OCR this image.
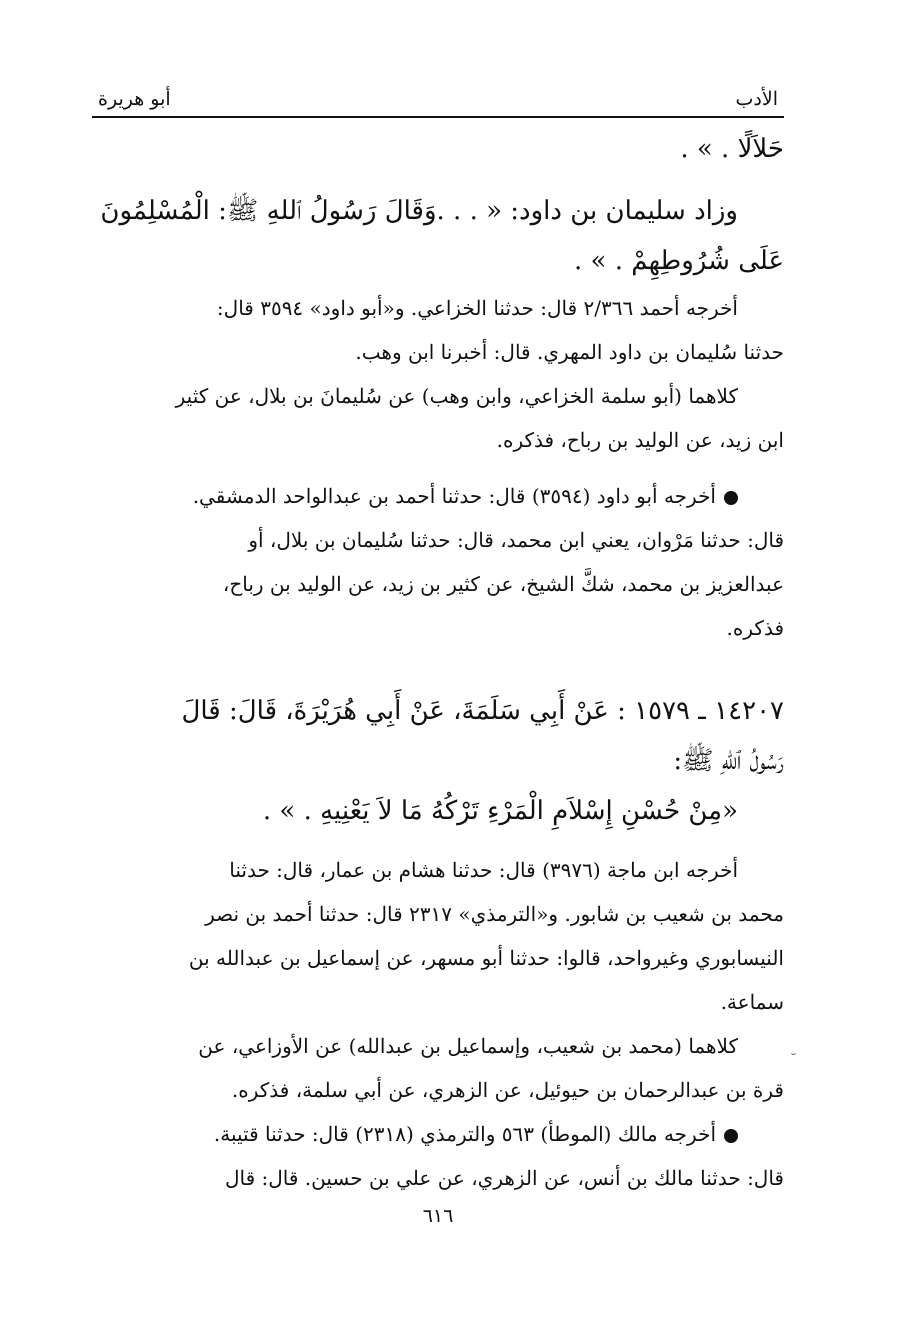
الأدب
أبو هريرة
حَلاَلًا . » .
وزاد سليمان بن داود: « . . .وَقَالَ رَسُولُ ٱللهِ ﷺ: الْمُسْلِمُونَ
عَلَى شُرُوطِهِمْ . » .
أخرجه أحمد ٢/٣٦٦ قال: حدثنا الخزاعي. و«أبو داود» ٣٥٩٤ قال:
حدثنا سُليمان بن داود المهري. قال: أخبرنا ابن وهب.
كلاهما (أبو سلمة الخزاعي، وابن وهب) عن سُليمانَ بن بلال، عن كثير
ابن زيد، عن الوليد بن رباح، فذكره.
أخرجه أبو داود (٣٥٩٤) قال: حدثنا أحمد بن عبدالواحد الدمشقي.
قال: حدثنا مَرْوان، يعني ابن محمد، قال: حدثنا سُليمان بن بلال، أو
عبدالعزيز بن محمد، شكَّ الشيخ، عن كثير بن زيد، عن الوليد بن رباح،
فذكره.
١٤٢٠٧ ـ ١٥٧٩ : عَنْ أَبِي سَلَمَةَ، عَنْ أَبِي هُرَيْرَةَ، قَالَ: قَالَ
رَسُولُ ٱللهِ ﷺ:
«مِنْ حُسْنِ إِسْلاَمِ الْمَرْءِ تَرْكُهُ مَا لاَ يَعْنِيهِ . » .
أخرجه ابن ماجة (٣٩٧٦) قال: حدثنا هشام بن عمار، قال: حدثنا
محمد بن شعيب بن شابور. و«الترمذي» ٢٣١٧ قال: حدثنا أحمد بن نصر
النيسابوري وغيرواحد، قالوا: حدثنا أبو مسهر، عن إسماعيل بن عبدالله بن
سماعة.
كلاهما (محمد بن شعيب، وإسماعيل بن عبدالله) عن الأوزاعي، عن
قرة بن عبدالرحمان بن حيوئيل، عن الزهري، عن أبي سلمة، فذكره.
أخرجه مالك (الموطأ) ٥٦٣ والترمذي (٢٣١٨) قال: حدثنا قتيبة.
قال: حدثنا مالك بن أنس، عن الزهري، عن علي بن حسين. قال: قال
٦١٦
˘
